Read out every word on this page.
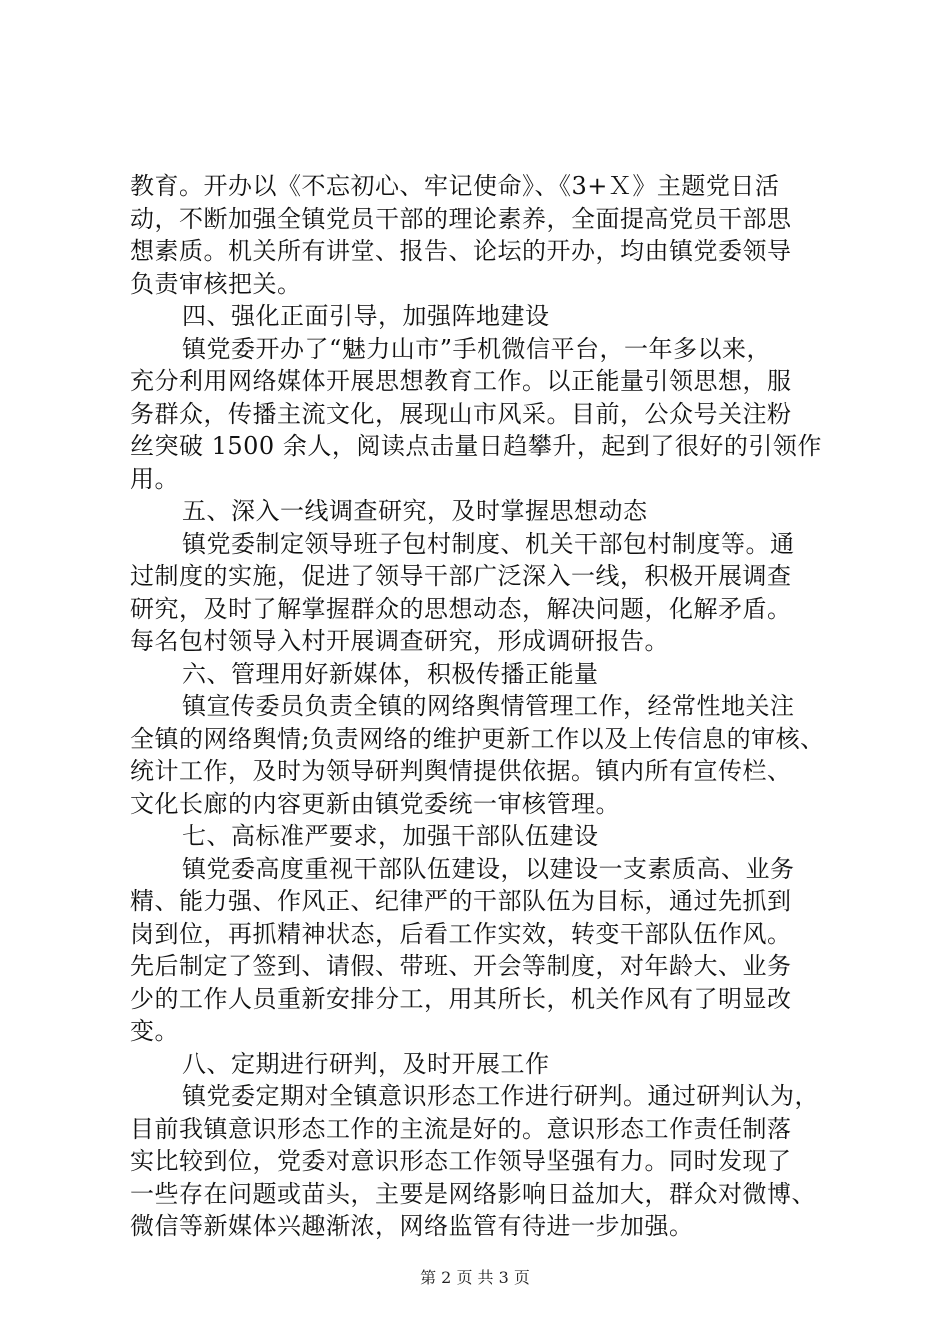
教育。开办以《不忘初心、牢记使命》、《3+Ｘ》主题党日活
动，不断加强全镇党员干部的理论素养，全面提高党员干部思
想素质。机关所有讲堂、报告、论坛的开办，均由镇党委领导
负责审核把关。
四、强化正面引导，加强阵地建设
镇党委开办了“魅力山市”手机微信平台，一年多以来，
充分利用网络媒体开展思想教育工作。以正能量引领思想，服
务群众，传播主流文化，展现山市风采。目前，公众号关注粉
丝突破 1500 余人，阅读点击量日趋攀升，起到了很好的引领作
用。
五、深入一线调查研究，及时掌握思想动态
镇党委制定领导班子包村制度、机关干部包村制度等。通
过制度的实施，促进了领导干部广泛深入一线，积极开展调查
研究，及时了解掌握群众的思想动态，解决问题，化解矛盾。
每名包村领导入村开展调查研究，形成调研报告。
六、管理用好新媒体，积极传播正能量
镇宣传委员负责全镇的网络舆情管理工作，经常性地关注
全镇的网络舆情;负责网络的维护更新工作以及上传信息的审核、
统计工作，及时为领导研判舆情提供依据。镇内所有宣传栏、
文化长廊的内容更新由镇党委统一审核管理。
七、高标准严要求，加强干部队伍建设
镇党委高度重视干部队伍建设，以建设一支素质高、业务
精、能力强、作风正、纪律严的干部队伍为目标，通过先抓到
岗到位，再抓精神状态，后看工作实效，转变干部队伍作风。
先后制定了签到、请假、带班、开会等制度，对年龄大、业务
少的工作人员重新安排分工，用其所长，机关作风有了明显改
变。
八、定期进行研判，及时开展工作
镇党委定期对全镇意识形态工作进行研判。通过研判认为，
目前我镇意识形态工作的主流是好的。意识形态工作责任制落
实比较到位，党委对意识形态工作领导坚强有力。同时发现了
一些存在问题或苗头，主要是网络影响日益加大，群众对微博、
微信等新媒体兴趣渐浓，网络监管有待进一步加强。
第 2 页 共 3 页
